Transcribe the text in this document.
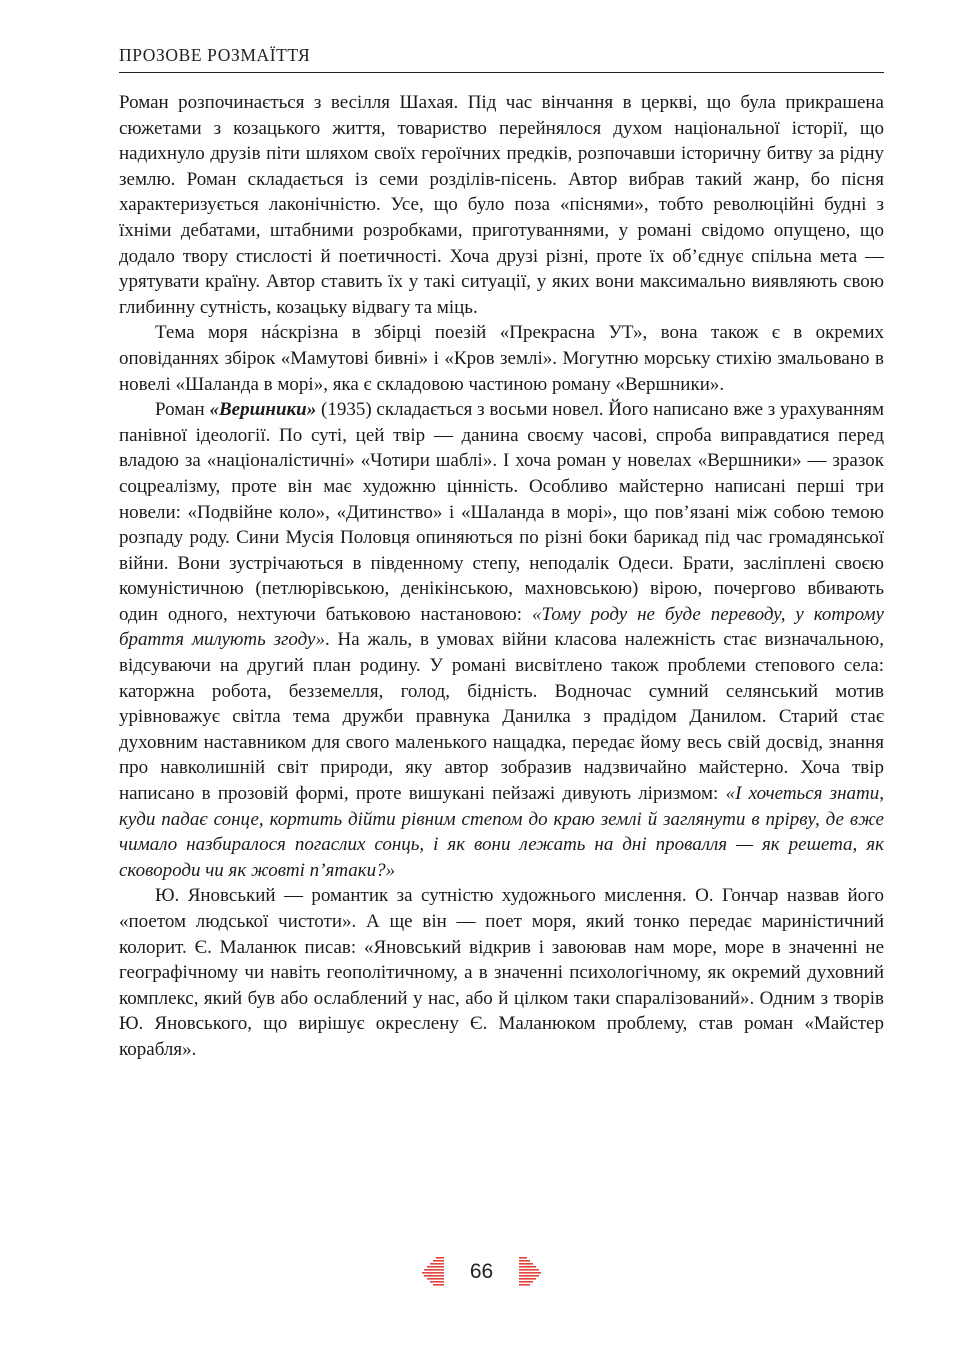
ПРОЗОВЕ РОЗМАЇТТЯ

Роман розпочинається з весілля Шахая. Під час вінчання в церкві, що була прикрашена сюжетами з козацького життя, товариство перейнялося духом національної історії, що надихнуло друзів піти шляхом своїх героїчних предків, розпочавши історичну битву за рідну землю. Роман складається із семи розділів-пісень. Автор вибрав такий жанр, бо пісня характеризується лаконічністю. Усе, що було поза «піснями», тобто революційні будні з їхніми дебатами, штабними розробками, приготуваннями, у романі свідомо опущено, що додало твору стислості й поетичності. Хоча друзі різні, проте їх об’єднує спільна мета — урятувати країну. Автор ставить їх у такі ситуації, у яких вони максимально виявляють свою глибинну сутність, козацьку відвагу та міць.

Тема моря нáскрізна в збірці поезій «Прекрасна УТ», вона також є в окремих оповіданнях збірок «Мамутові бивні» і «Кров землі». Могутню морську стихію змальовано в новелі «Шаланда в морі», яка є складовою частиною роману «Вершники».

Роман «Вершники» (1935) складається з восьми новел. Його написано вже з урахуванням панівної ідеології. По суті, цей твір — данина своєму часові, спроба виправдатися перед владою за «націоналістичні» «Чотири шаблі». І хоча роман у новелах «Вершники» — зразок соцреалізму, проте він має художню цінність. Особливо майстерно написані перші три новели: «Подвійне коло», «Дитинство» і «Шаланда в морі», що пов’язані між собою темою розпаду роду. Сини Мусія Половця опиняються по різні боки барикад під час громадянської війни. Вони зустрічаються в південному степу, неподалік Одеси. Брати, засліплені своєю комуністичною (петлюрівською, денікінською, махновською) вірою, почергово вбивають один одного, нехтуючи батьковою настановою: «Тому роду не буде переводу, у котрому браття милують згоду». На жаль, в умовах війни класова належність стає визначальною, відсуваючи на другий план родину. У романі висвітлено також проблеми степового села: каторжна робота, безземелля, голод, бідність. Водночас сумний селянський мотив урівноважує світла тема дружби правнука Данилка з прадідом Данилом. Старий стає духовним наставником для свого маленького нащадка, передає йому весь свій досвід, знання про навколишній світ природи, яку автор зобразив надзвичайно майстерно. Хоча твір написано в прозовій формі, проте вишукані пейзажі дивують ліризмом: «І хочеться знати, куди падає сонце, кортить дійти рівним степом до краю землі й заглянути в прірву, де вже чимало назбиралося погаслих сонць, і як вони лежать на дні провалля — як решета, як сковороди чи як жовті п’ятаки?»

Ю. Яновський — романтик за сутністю художнього мислення. О. Гончар назвав його «поетом людської чистоти». А ще він — поет моря, який тонко передає мариністичний колорит. Є. Маланюк писав: «Яновський відкрив і завоював нам море, море в значенні не географічному чи навіть геополітичному, а в значенні психологічному, як окремий духовний комплекс, який був або ослаблений у нас, або й цілком таки спаралізований». Одним з творів Ю. Яновського, що вирішує окреслену Є. Маланюком проблему, став роман «Майстер корабля».

66
